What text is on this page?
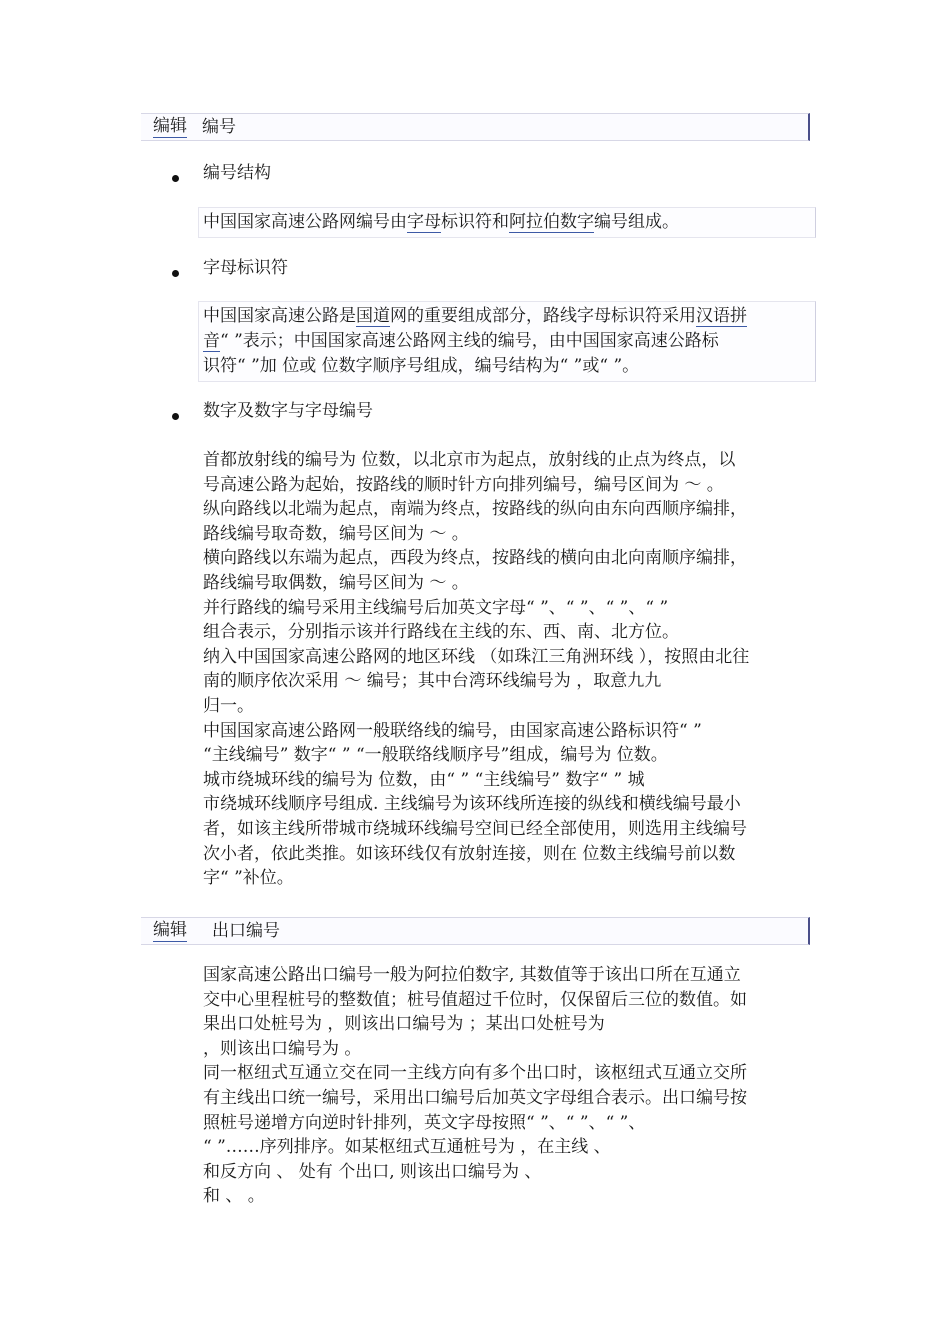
编辑 编号
编号结构
中国国家高速公路网编号由字母标识符和阿拉伯数字编号组成。
字母标识符
中国国家高速公路是国道网的重要组成部分，路线字母标识符采用汉语拼
音“ ”表示；中国国家高速公路网主线的编号，由中国国家高速公路标
识符“ ”加 位或 位数字顺序号组成，编号结构为“ ”或“ ”。
数字及数字与字母编号
首都放射线的编号为 位数，以北京市为起点，放射线的止点为终点，以
号高速公路为起始，按路线的顺时针方向排列编号，编号区间为 ～ 。
纵向路线以北端为起点，南端为终点，按路线的纵向由东向西顺序编排，
路线编号取奇数，编号区间为 ～ 。
横向路线以东端为起点，西段为终点，按路线的横向由北向南顺序编排，
路线编号取偶数，编号区间为 ～ 。
并行路线的编号采用主线编号后加英文字母“ ”、“ ”、“ ”、“ ”
组合表示，分别指示该并行路线在主线的东、西、南、北方位。
纳入中国国家高速公路网的地区环线 （如珠江三角洲环线 ），按照由北往
南的顺序依次采用 ～ 编号；其中台湾环线编号为 ，取意九九
归一。
中国国家高速公路网一般联络线的编号，由国家高速公路标识符“ ”
“主线编号” 数字“ ” “一般联络线顺序号”组成，编号为 位数。
城市绕城环线的编号为 位数，由“ ” “主线编号” 数字“ ” 城
市绕城环线顺序号组成. 主线编号为该环线所连接的纵线和横线编号最小
者，如该主线所带城市绕城环线编号空间已经全部使用，则选用主线编号
次小者，依此类推。如该环线仅有放射连接，则在 位数主线编号前以数
字“ ”补位。
编辑 出口编号
国家高速公路出口编号一般为阿拉伯数字, 其数值等于该出口所在互通立
交中心里程桩号的整数值；桩号值超过千位时，仅保留后三位的数值。如
果出口处桩号为 ，则该出口编号为 ；某出口处桩号为
，则该出口编号为 。
同一枢纽式互通立交在同一主线方向有多个出口时，该枢纽式互通立交所
有主线出口统一编号，采用出口编号后加英文字母组合表示。出口编号按
照桩号递增方向逆时针排列，英文字母按照“ ”、“ ”、“ ”、
“ ”……序列排序。如某枢纽式互通桩号为 ，在主线 、
和反方向 、 处有 个出口, 则该出口编号为 、
和 、 。
